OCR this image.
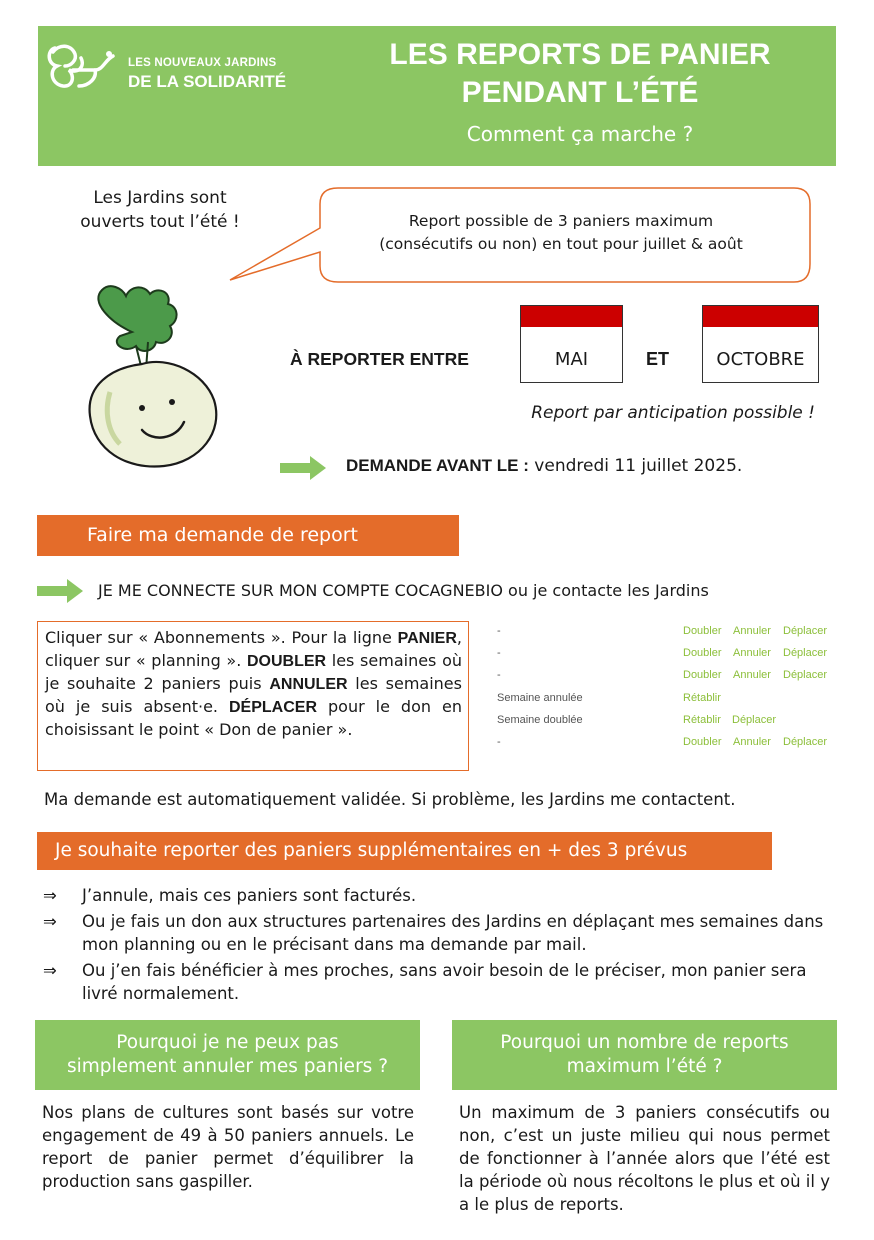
LES NOUVEAUX JARDINS
DE LA SOLIDARITÉ
LES REPORTS DE PANIER
PENDANT L’ÉTÉ
Comment ça marche ?
Les Jardins sont
ouverts tout l’été !	Report possible de 3 paniers maximum
(consécutifs ou non) en tout pour juillet & août
À REPORTER ENTRE	MAI	ET	OCTOBRE
Report par anticipation possible !
DEMANDE AVANT LE : vendredi 11 juillet 2025.
Faire ma demande de report
JE ME CONNECTE SUR MON COMPTE COCAGNEBIO ou je contacte les Jardins
Cliquer sur « Abonnements ». Pour la ligne PANIER, cliquer sur « planning ». DOUBLER les semaines où je souhaite 2 paniers puis ANNULER les semaines où je suis absent·e. DÉPLACER pour le don en choisissant le point « Don de panier ».
-	Doubler Annuler Déplacer
-	Doubler Annuler Déplacer
-	Doubler Annuler Déplacer
Semaine annulée	Rétablir
Semaine doublée	Rétablir Déplacer
-	Doubler Annuler Déplacer
Ma demande est automatiquement validée. Si problème, les Jardins me contactent.
Je souhaite reporter des paniers supplémentaires en + des 3 prévus
⇒ J’annule, mais ces paniers sont facturés.
⇒ Ou je fais un don aux structures partenaires des Jardins en déplaçant mes semaines dans mon planning ou en le précisant dans ma demande par mail.
⇒ Ou j’en fais bénéficier à mes proches, sans avoir besoin de le préciser, mon panier sera livré normalement.
Pourquoi je ne peux pas
simplement annuler mes paniers ?
Pourquoi un nombre de reports
maximum l’été ?
Nos plans de cultures sont basés sur votre engagement de 49 à 50 paniers annuels. Le report de panier permet d’équilibrer la production sans gaspiller.
Un maximum de 3 paniers consécutifs ou non, c’est un juste milieu qui nous permet de fonctionner à l’année alors que l’été est la période où nous récoltons le plus et où il y a le plus de reports.
